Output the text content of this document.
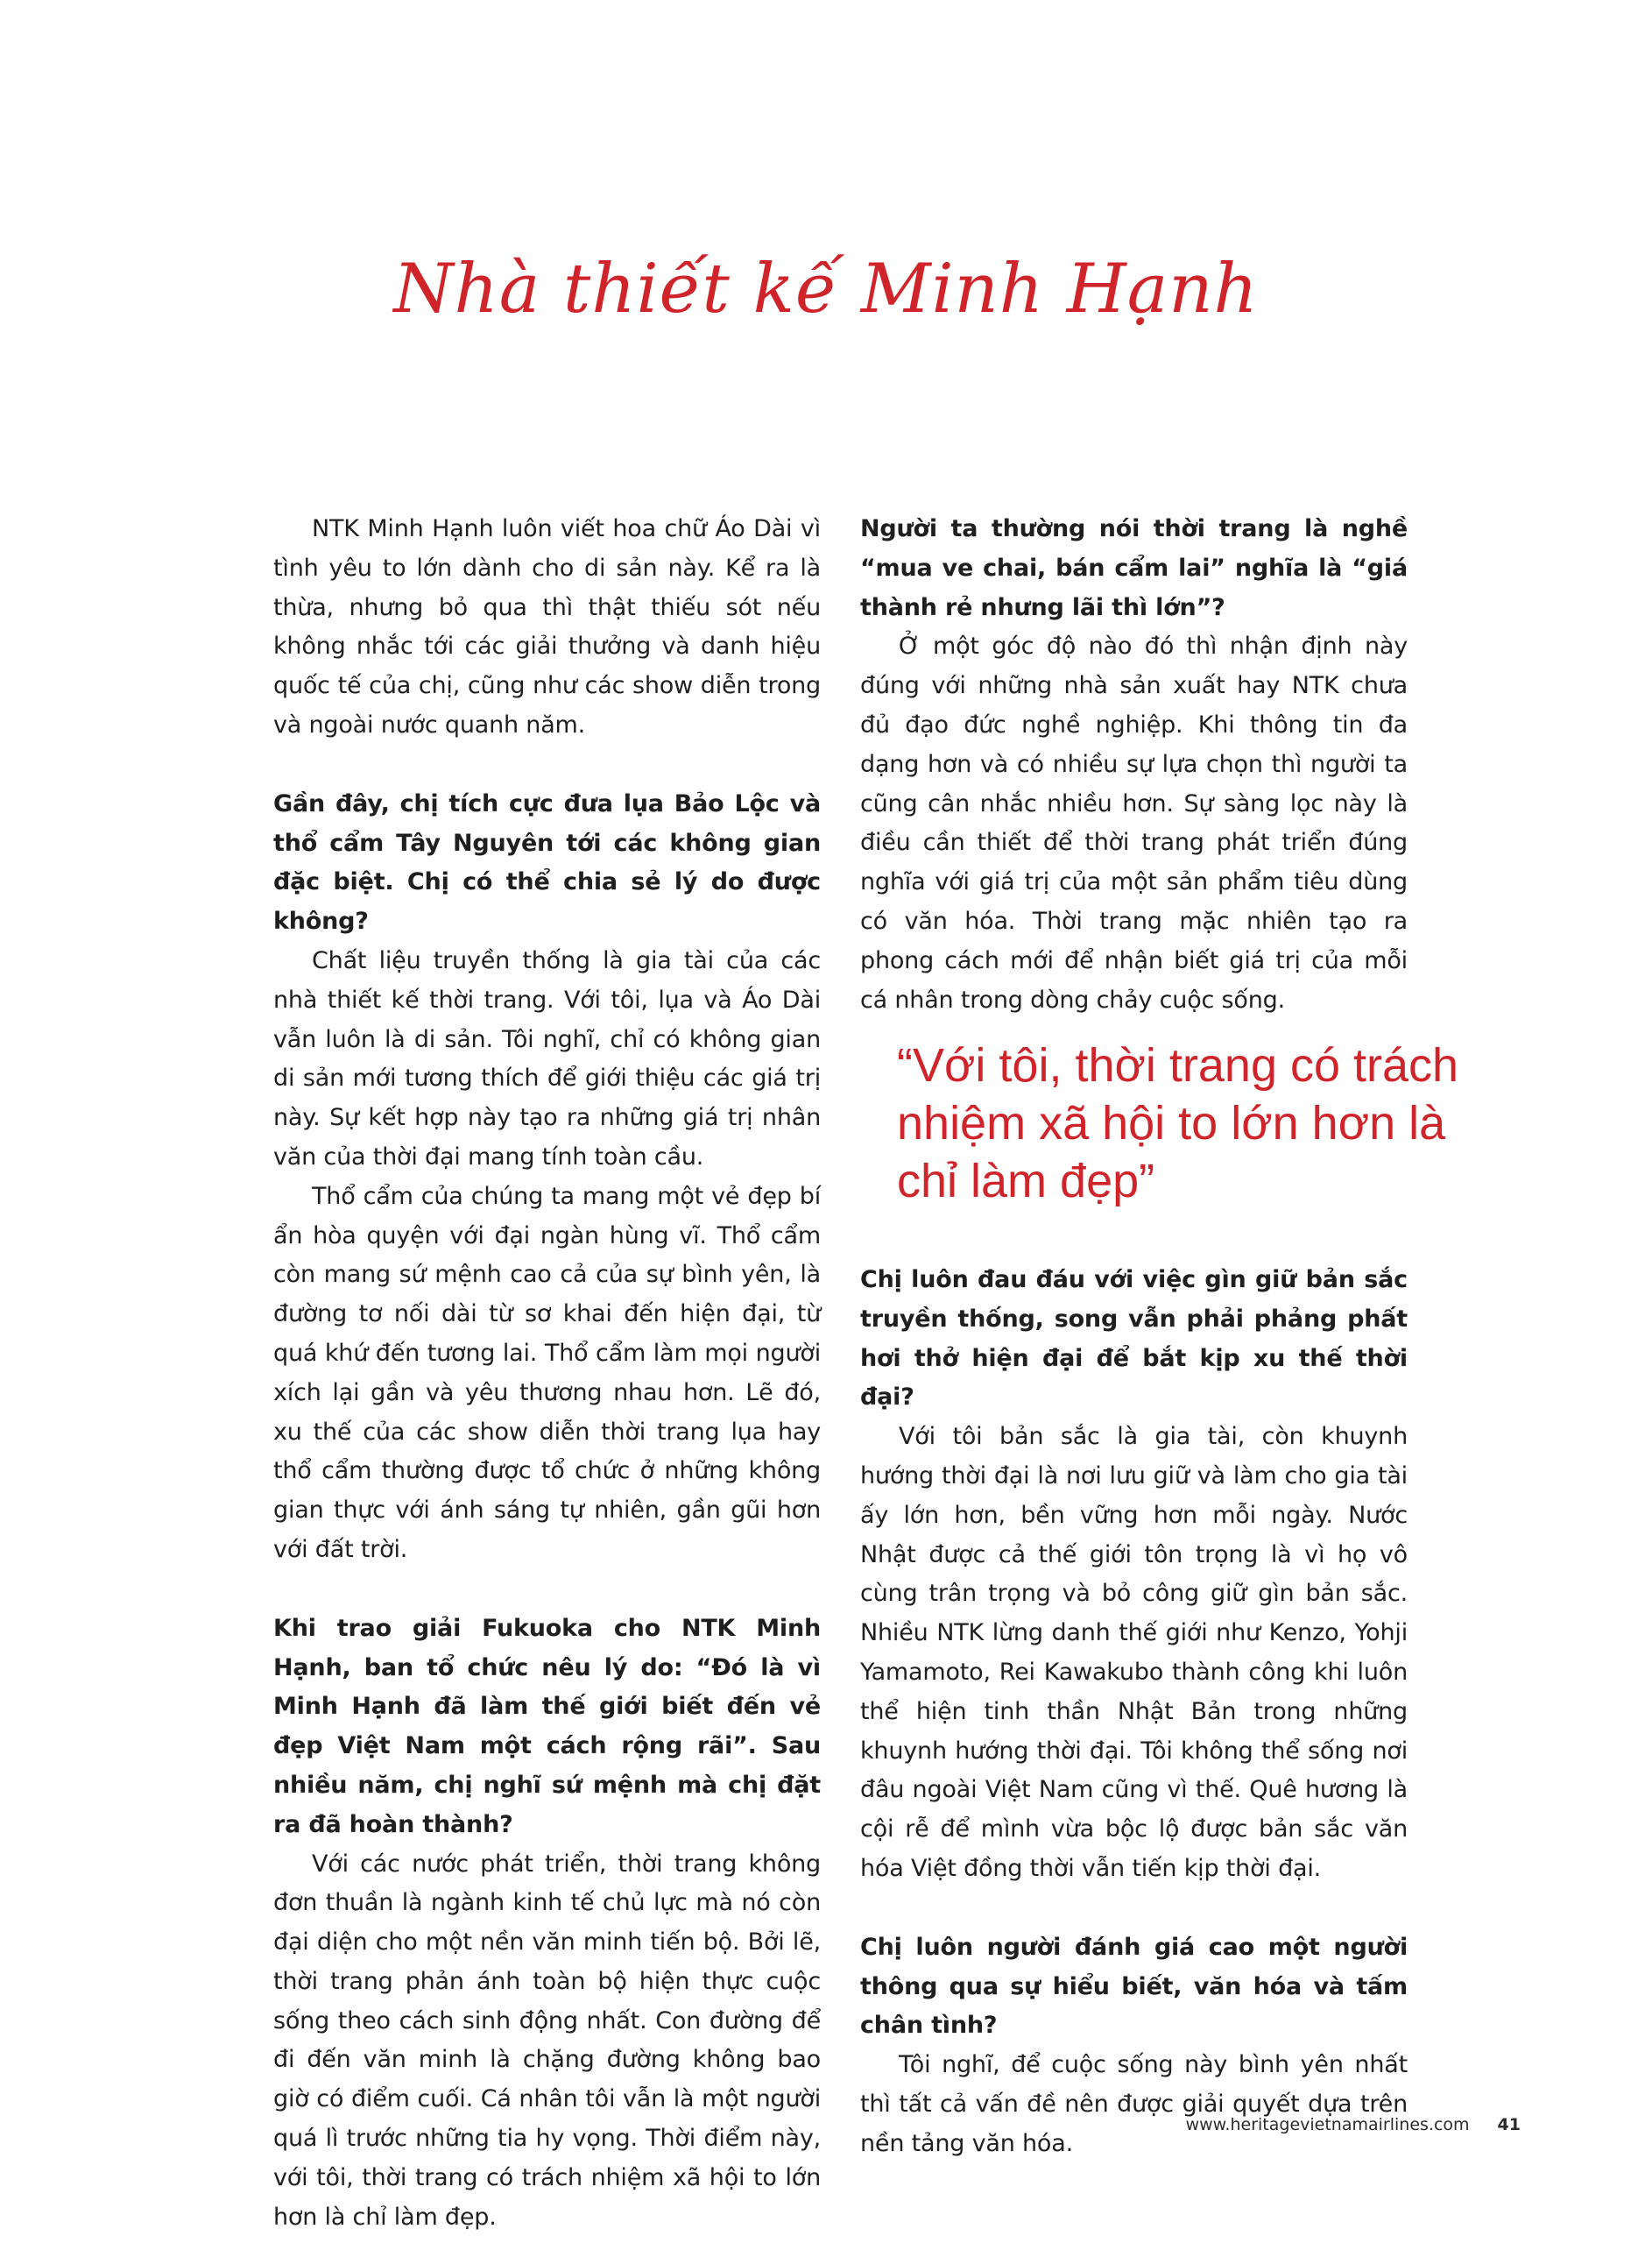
Nhà thiết kế Minh Hạnh

NTK Minh Hạnh luôn viết hoa chữ Áo Dài vì tình yêu to lớn dành cho di sản này. Kể ra là thừa, nhưng bỏ qua thì thật thiếu sót nếu không nhắc tới các giải thưởng và danh hiệu quốc tế của chị, cũng như các show diễn trong và ngoài nước quanh năm.

Gần đây, chị tích cực đưa lụa Bảo Lộc và thổ cẩm Tây Nguyên tới các không gian đặc biệt. Chị có thể chia sẻ lý do được không?

Chất liệu truyền thống là gia tài của các nhà thiết kế thời trang. Với tôi, lụa và Áo Dài vẫn luôn là di sản. Tôi nghĩ, chỉ có không gian di sản mới tương thích để giới thiệu các giá trị này. Sự kết hợp này tạo ra những giá trị nhân văn của thời đại mang tính toàn cầu.

Thổ cẩm của chúng ta mang một vẻ đẹp bí ẩn hòa quyện với đại ngàn hùng vĩ. Thổ cẩm còn mang sứ mệnh cao cả của sự bình yên, là đường tơ nối dài từ sơ khai đến hiện đại, từ quá khứ đến tương lai. Thổ cẩm làm mọi người xích lại gần và yêu thương nhau hơn. Lẽ đó, xu thế của các show diễn thời trang lụa hay thổ cẩm thường được tổ chức ở những không gian thực với ánh sáng tự nhiên, gần gũi hơn với đất trời.

Khi trao giải Fukuoka cho NTK Minh Hạnh, ban tổ chức nêu lý do: “Đó là vì Minh Hạnh đã làm thế giới biết đến vẻ đẹp Việt Nam một cách rộng rãi”. Sau nhiều năm, chị nghĩ sứ mệnh mà chị đặt ra đã hoàn thành?

Với các nước phát triển, thời trang không đơn thuần là ngành kinh tế chủ lực mà nó còn đại diện cho một nền văn minh tiến bộ. Bởi lẽ, thời trang phản ánh toàn bộ hiện thực cuộc sống theo cách sinh động nhất. Con đường để đi đến văn minh là chặng đường không bao giờ có điểm cuối. Cá nhân tôi vẫn là một người quá lì trước những tia hy vọng. Thời điểm này, với tôi, thời trang có trách nhiệm xã hội to lớn hơn là chỉ làm đẹp.

Người ta thường nói thời trang là nghề “mua ve chai, bán cẩm lai” nghĩa là “giá thành rẻ nhưng lãi thì lớn”?

Ở một góc độ nào đó thì nhận định này đúng với những nhà sản xuất hay NTK chưa đủ đạo đức nghề nghiệp. Khi thông tin đa dạng hơn và có nhiều sự lựa chọn thì người ta cũng cân nhắc nhiều hơn. Sự sàng lọc này là điều cần thiết để thời trang phát triển đúng nghĩa với giá trị của một sản phẩm tiêu dùng có văn hóa. Thời trang mặc nhiên tạo ra phong cách mới để nhận biết giá trị của mỗi cá nhân trong dòng chảy cuộc sống.

“Với tôi, thời trang có trách nhiệm xã hội to lớn hơn là chỉ làm đẹp”

Chị luôn đau đáu với việc gìn giữ bản sắc truyền thống, song vẫn phải phảng phất hơi thở hiện đại để bắt kịp xu thế thời đại?

Với tôi bản sắc là gia tài, còn khuynh hướng thời đại là nơi lưu giữ và làm cho gia tài ấy lớn hơn, bền vững hơn mỗi ngày. Nước Nhật được cả thế giới tôn trọng là vì họ vô cùng trân trọng và bỏ công giữ gìn bản sắc. Nhiều NTK lừng danh thế giới như Kenzo, Yohji Yamamoto, Rei Kawakubo thành công khi luôn thể hiện tinh thần Nhật Bản trong những khuynh hướng thời đại. Tôi không thể sống nơi đâu ngoài Việt Nam cũng vì thế. Quê hương là cội rễ để mình vừa bộc lộ được bản sắc văn hóa Việt đồng thời vẫn tiến kịp thời đại.

Chị luôn người đánh giá cao một người thông qua sự hiểu biết, văn hóa và tấm chân tình?

Tôi nghĩ, để cuộc sống này bình yên nhất thì tất cả vấn đề nên được giải quyết dựa trên nền tảng văn hóa.

www.heritagevietnamairlines.com 41
